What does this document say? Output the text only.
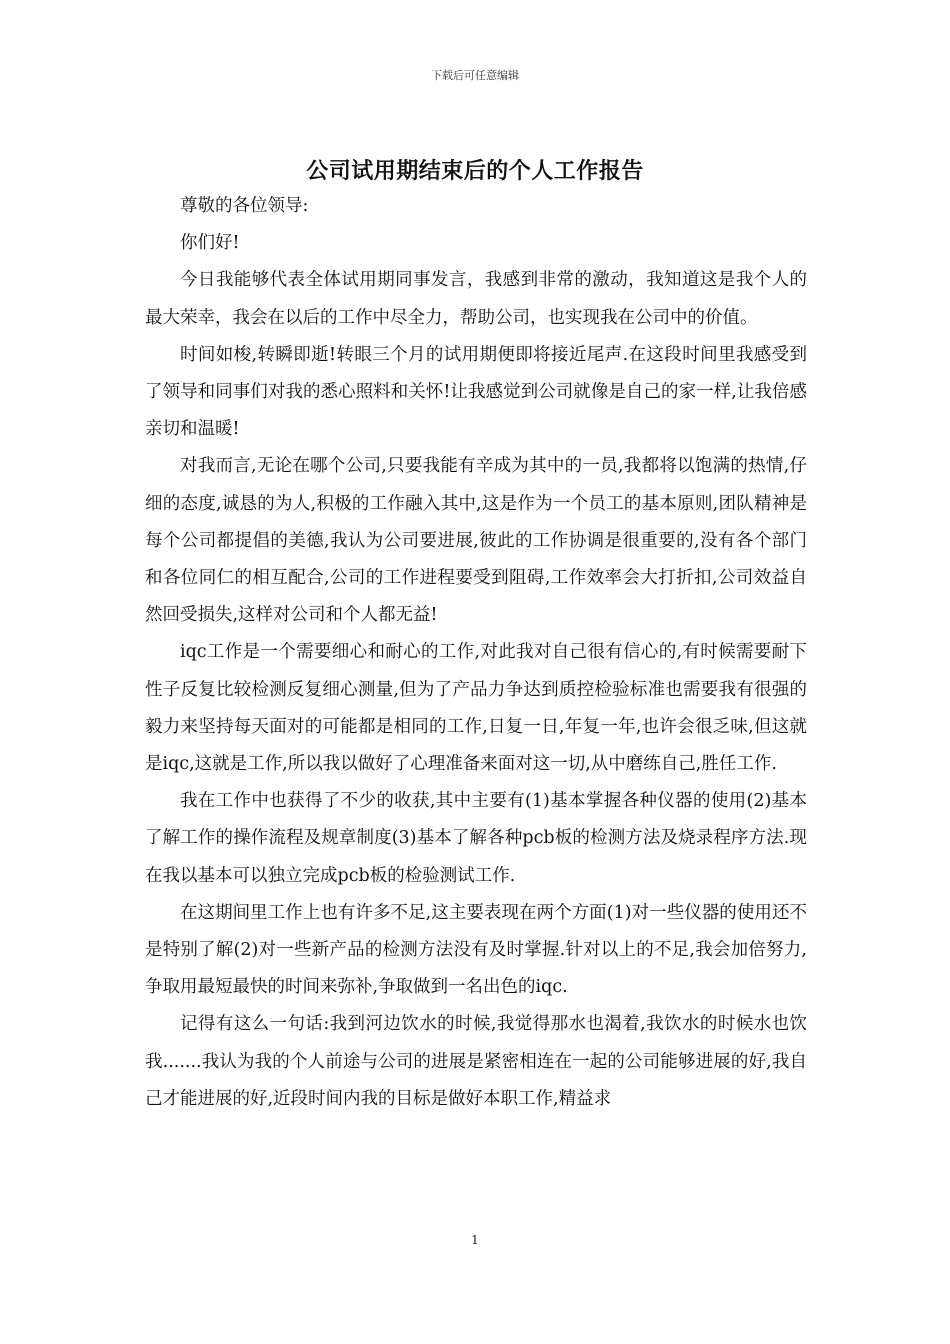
下载后可任意编辑
公司试用期结束后的个人工作报告

尊敬的各位领导:

你们好!

今日我能够代表全体试用期同事发言，我感到非常的激动，我知道这是我个人的最大荣幸，我会在以后的工作中尽全力，帮助公司，也实现我在公司中的价值。

时间如梭,转瞬即逝!转眼三个月的试用期便即将接近尾声.在这段时间里我感受到了领导和同事们对我的悉心照料和关怀!让我感觉到公司就像是自己的家一样,让我倍感亲切和温暖!

对我而言,无论在哪个公司,只要我能有辛成为其中的一员,我都将以饱满的热情,仔细的态度,诚恳的为人,积极的工作融入其中,这是作为一个员工的基本原则,团队精神是每个公司都提倡的美德,我认为公司要进展,彼此的工作协调是很重要的,没有各个部门和各位同仁的相互配合,公司的工作进程要受到阻碍,工作效率会大打折扣,公司效益自然回受损失,这样对公司和个人都无益!

iqc工作是一个需要细心和耐心的工作,对此我对自己很有信心的,有时候需要耐下性子反复比较检测反复细心测量,但为了产品力争达到质控检验标准也需要我有很强的毅力来坚持每天面对的可能都是相同的工作,日复一日,年复一年,也许会很乏味,但这就是iqc,这就是工作,所以我以做好了心理准备来面对这一切,从中磨练自己,胜任工作.

我在工作中也获得了不少的收获,其中主要有(1)基本掌握各种仪器的使用(2)基本了解工作的操作流程及规章制度(3)基本了解各种pcb板的检测方法及烧录程序方法.现在我以基本可以独立完成pcb板的检验测试工作.

在这期间里工作上也有许多不足,这主要表现在两个方面(1)对一些仪器的使用还不是特别了解(2)对一些新产品的检测方法没有及时掌握.针对以上的不足,我会加倍努力,争取用最短最快的时间来弥补,争取做到一名出色的iqc.

记得有这么一句话:我到河边饮水的时候,我觉得那水也渴着,我饮水的时候水也饮我.......我认为我的个人前途与公司的进展是紧密相连在一起的公司能够进展的好,我自己才能进展的好,近段时间内我的目标是做好本职工作,精益求

1
